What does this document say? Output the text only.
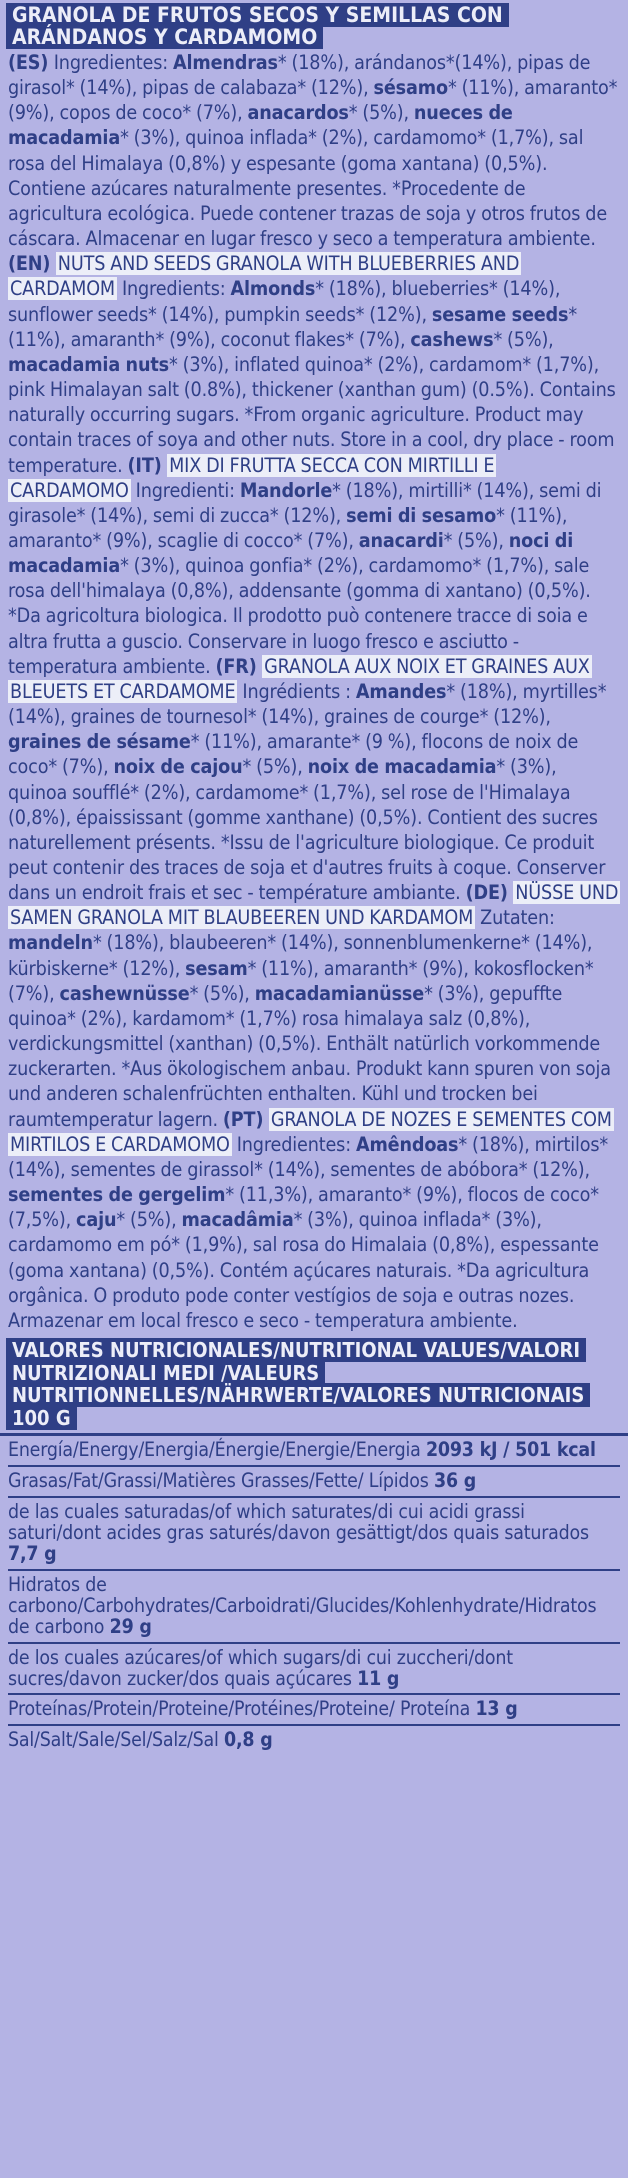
GRANOLA DE FRUTOS SECOS Y SEMILLAS CON ARÁNDANOS Y CARDAMOMO
(ES) Ingredientes: Almendras* (18%), arándanos*(14%), pipas de girasol* (14%), pipas de calabaza* (12%), sésamo* (11%), amaranto* (9%), copos de coco* (7%), anacardos* (5%), nueces de macadamia* (3%), quinoa inflada* (2%), cardamomo* (1,7%), sal rosa del Himalaya (0,8%) y espesante (goma xantana) (0,5%). Contiene azúcares naturalmente presentes. *Procedente de agricultura ecológica. Puede contener trazas de soja y otros frutos de cáscara. Almacenar en lugar fresco y seco a temperatura ambiente. (EN) NUTS AND SEEDS GRANOLA WITH BLUEBERRIES AND CARDAMOM Ingredients: Almonds* (18%), blueberries* (14%), sunflower seeds* (14%), pumpkin seeds* (12%), sesame seeds* (11%), amaranth* (9%), coconut flakes* (7%), cashews* (5%), macadamia nuts* (3%), inflated quinoa* (2%), cardamom* (1,7%), pink Himalayan salt (0.8%), thickener (xanthan gum) (0.5%). Contains naturally occurring sugars. *From organic agriculture. Product may contain traces of soya and other nuts. Store in a cool, dry place - room temperature. (IT) MIX DI FRUTTA SECCA CON MIRTILLI E CARDAMOMO Ingredienti: Mandorle* (18%), mirtilli* (14%), semi di girasole* (14%), semi di zucca* (12%), semi di sesamo* (11%), amaranto* (9%), scaglie di cocco* (7%), anacardi* (5%), noci di macadamia* (3%), quinoa gonfia* (2%), cardamomo* (1,7%), sale rosa dell'himalaya (0,8%), addensante (gomma di xantano) (0,5%). *Da agricoltura biologica. Il prodotto può contenere tracce di soia e altra frutta a guscio. Conservare in luogo fresco e asciutto - temperatura ambiente. (FR) GRANOLA AUX NOIX ET GRAINES AUX BLEUETS ET CARDAMOME Ingrédients : Amandes* (18%), myrtilles* (14%), graines de tournesol* (14%), graines de courge* (12%), graines de sésame* (11%), amarante* (9 %), flocons de noix de coco* (7%), noix de cajou* (5%), noix de macadamia* (3%), quinoa soufflé* (2%), cardamome* (1,7%), sel rose de l'Himalaya (0,8%), épaississant (gomme xanthane) (0,5%). Contient des sucres naturellement présents. *Issu de l'agriculture biologique. Ce produit peut contenir des traces de soja et d'autres fruits à coque. Conserver dans un endroit frais et sec - température ambiante. (DE) NÜSSE UND SAMEN GRANOLA MIT BLAUBEEREN UND KARDAMOM Zutaten: mandeln* (18%), blaubeeren* (14%), sonnenblumenkerne* (14%), kürbiskerne* (12%), sesam* (11%), amaranth* (9%), kokosflocken* (7%), cashewnüsse* (5%), macadamianüsse* (3%), gepuffte quinoa* (2%), kardamom* (1,7%) rosa himalaya salz (0,8%), verdickungsmittel (xanthan) (0,5%). Enthält natürlich vorkommende zuckerarten. *Aus ökologischem anbau. Produkt kann spuren von soja und anderen schalenfrüchten enthalten. Kühl und trocken bei raumtemperatur lagern. (PT) GRANOLA DE NOZES E SEMENTES COM MIRTILOS E CARDAMOMO Ingredientes: Amêndoas* (18%), mirtilos* (14%), sementes de girassol* (14%), sementes de abóbora* (12%), sementes de gergelim* (11,3%), amaranto* (9%), flocos de coco* (7,5%), caju* (5%), macadâmia* (3%), quinoa inflada* (3%), cardamomo em pó* (1,9%), sal rosa do Himalaia (0,8%), espessante (goma xantana) (0,5%). Contém açúcares naturais. *Da agricultura orgânica. O produto pode conter vestígios de soja e outras nozes. Armazenar em local fresco e seco - temperatura ambiente.
VALORES NUTRICIONALES/NUTRITIONAL VALUES/VALORI NUTRIZIONALI MEDI /VALEURS NUTRITIONNELLES/NÄHRWERTE/VALORES NUTRICIONAIS 100 G
Energía/Energy/Energia/Énergie/Energie/Energia 2093 kJ / 501 kcal
Grasas/Fat/Grassi/Matières Grasses/Fette/ Lípidos 36 g
de las cuales saturadas/of which saturates/di cui acidi grassi saturi/dont acides gras saturés/davon gesättigt/dos quais saturados 7,7 g
Hidratos de carbono/Carbohydrates/Carboidrati/Glucides/Kohlenhydrate/Hidratos de carbono 29 g
de los cuales azúcares/of which sugars/di cui zuccheri/dont sucres/davon zucker/dos quais açúcares 11 g
Proteínas/Protein/Proteine/Protéines/Proteine/ Proteína 13 g
Sal/Salt/Sale/Sel/Salz/Sal 0,8 g
